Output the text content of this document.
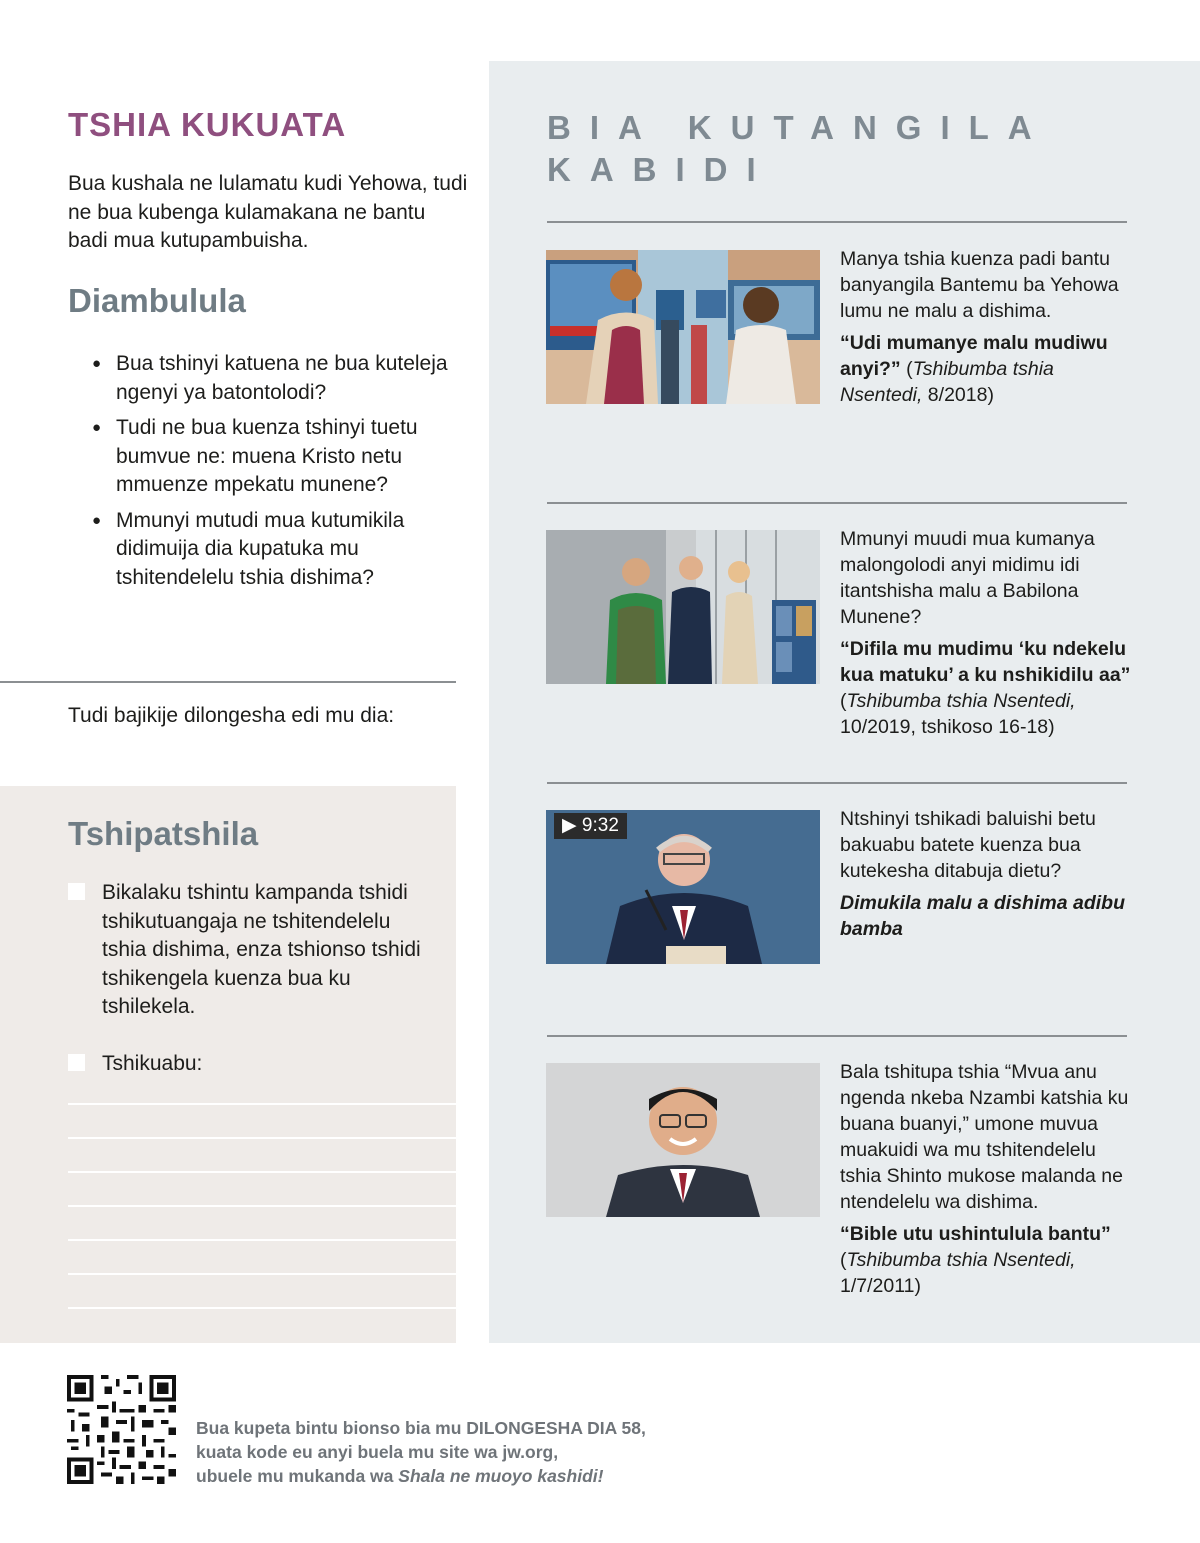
TSHIA KUKUATA
Bua kushala ne lulamatu kudi Yehowa, tudi ne bua kubenga kulamakana ne bantu badi mua kutupambuisha.
Diambulula
● Bua tshinyi katuena ne bua kuteleja ngenyi ya batontolodi?
● Tudi ne bua kuenza tshinyi tuetu bumvue ne: muena Kristo netu mmuenze mpekatu munene?
● Mmunyi mutudi mua kutumikila didimuija dia kupatuka mu tshitendelelu tshia dishima?
Tudi bajikije dilongesha edi mu dia:
Tshipatshila
Bikalaku tshintu kampanda tshidi tshikutuangaja ne tshitendelelu tshia dishima, enza tshionso tshidi tshikengela kuenza bua ku tshilekela.
Tshikuabu:
BIA KUTANGILA KABIDI
Manya tshia kuenza padi bantu banyangila Bantemu ba Yehowa lumu ne malu a dishima.
“Udi mumanye malu mudiwu anyi?” (Tshibumba tshia Nsentedi, 8/2018)
Mmunyi muudi mua kumanya malongolodi anyi midimu idi itantshisha malu a Babilona Munene?
“Difila mu mudimu ‘ku ndekelu kua matuku’ a ku nshikidilu aa” (Tshibumba tshia Nsentedi, 10/2019, tshikoso 16-18)
▶ 9:32	Ntshinyi tshikadi baluishi betu bakuabu batete kuenza bua kutekesha ditabuja dietu?
Dimukila malu a dishima adibu bamba
Bala tshitupa tshia “Mvua anu ngenda nkeba Nzambi katshia ku buana buanyi,” umone muvua muakuidi wa mu tshitendelelu tshia Shinto mukose malanda ne ntendelelu wa dishima.
“Bible utu ushintulula bantu” (Tshibumba tshia Nsentedi, 1/7/2011)
Bua kupeta bintu bionso bia mu DILONGESHA DIA 58,
kuata kode eu anyi buela mu site wa jw.org,
ubuele mu mukanda wa Shala ne muoyo kashidi!
